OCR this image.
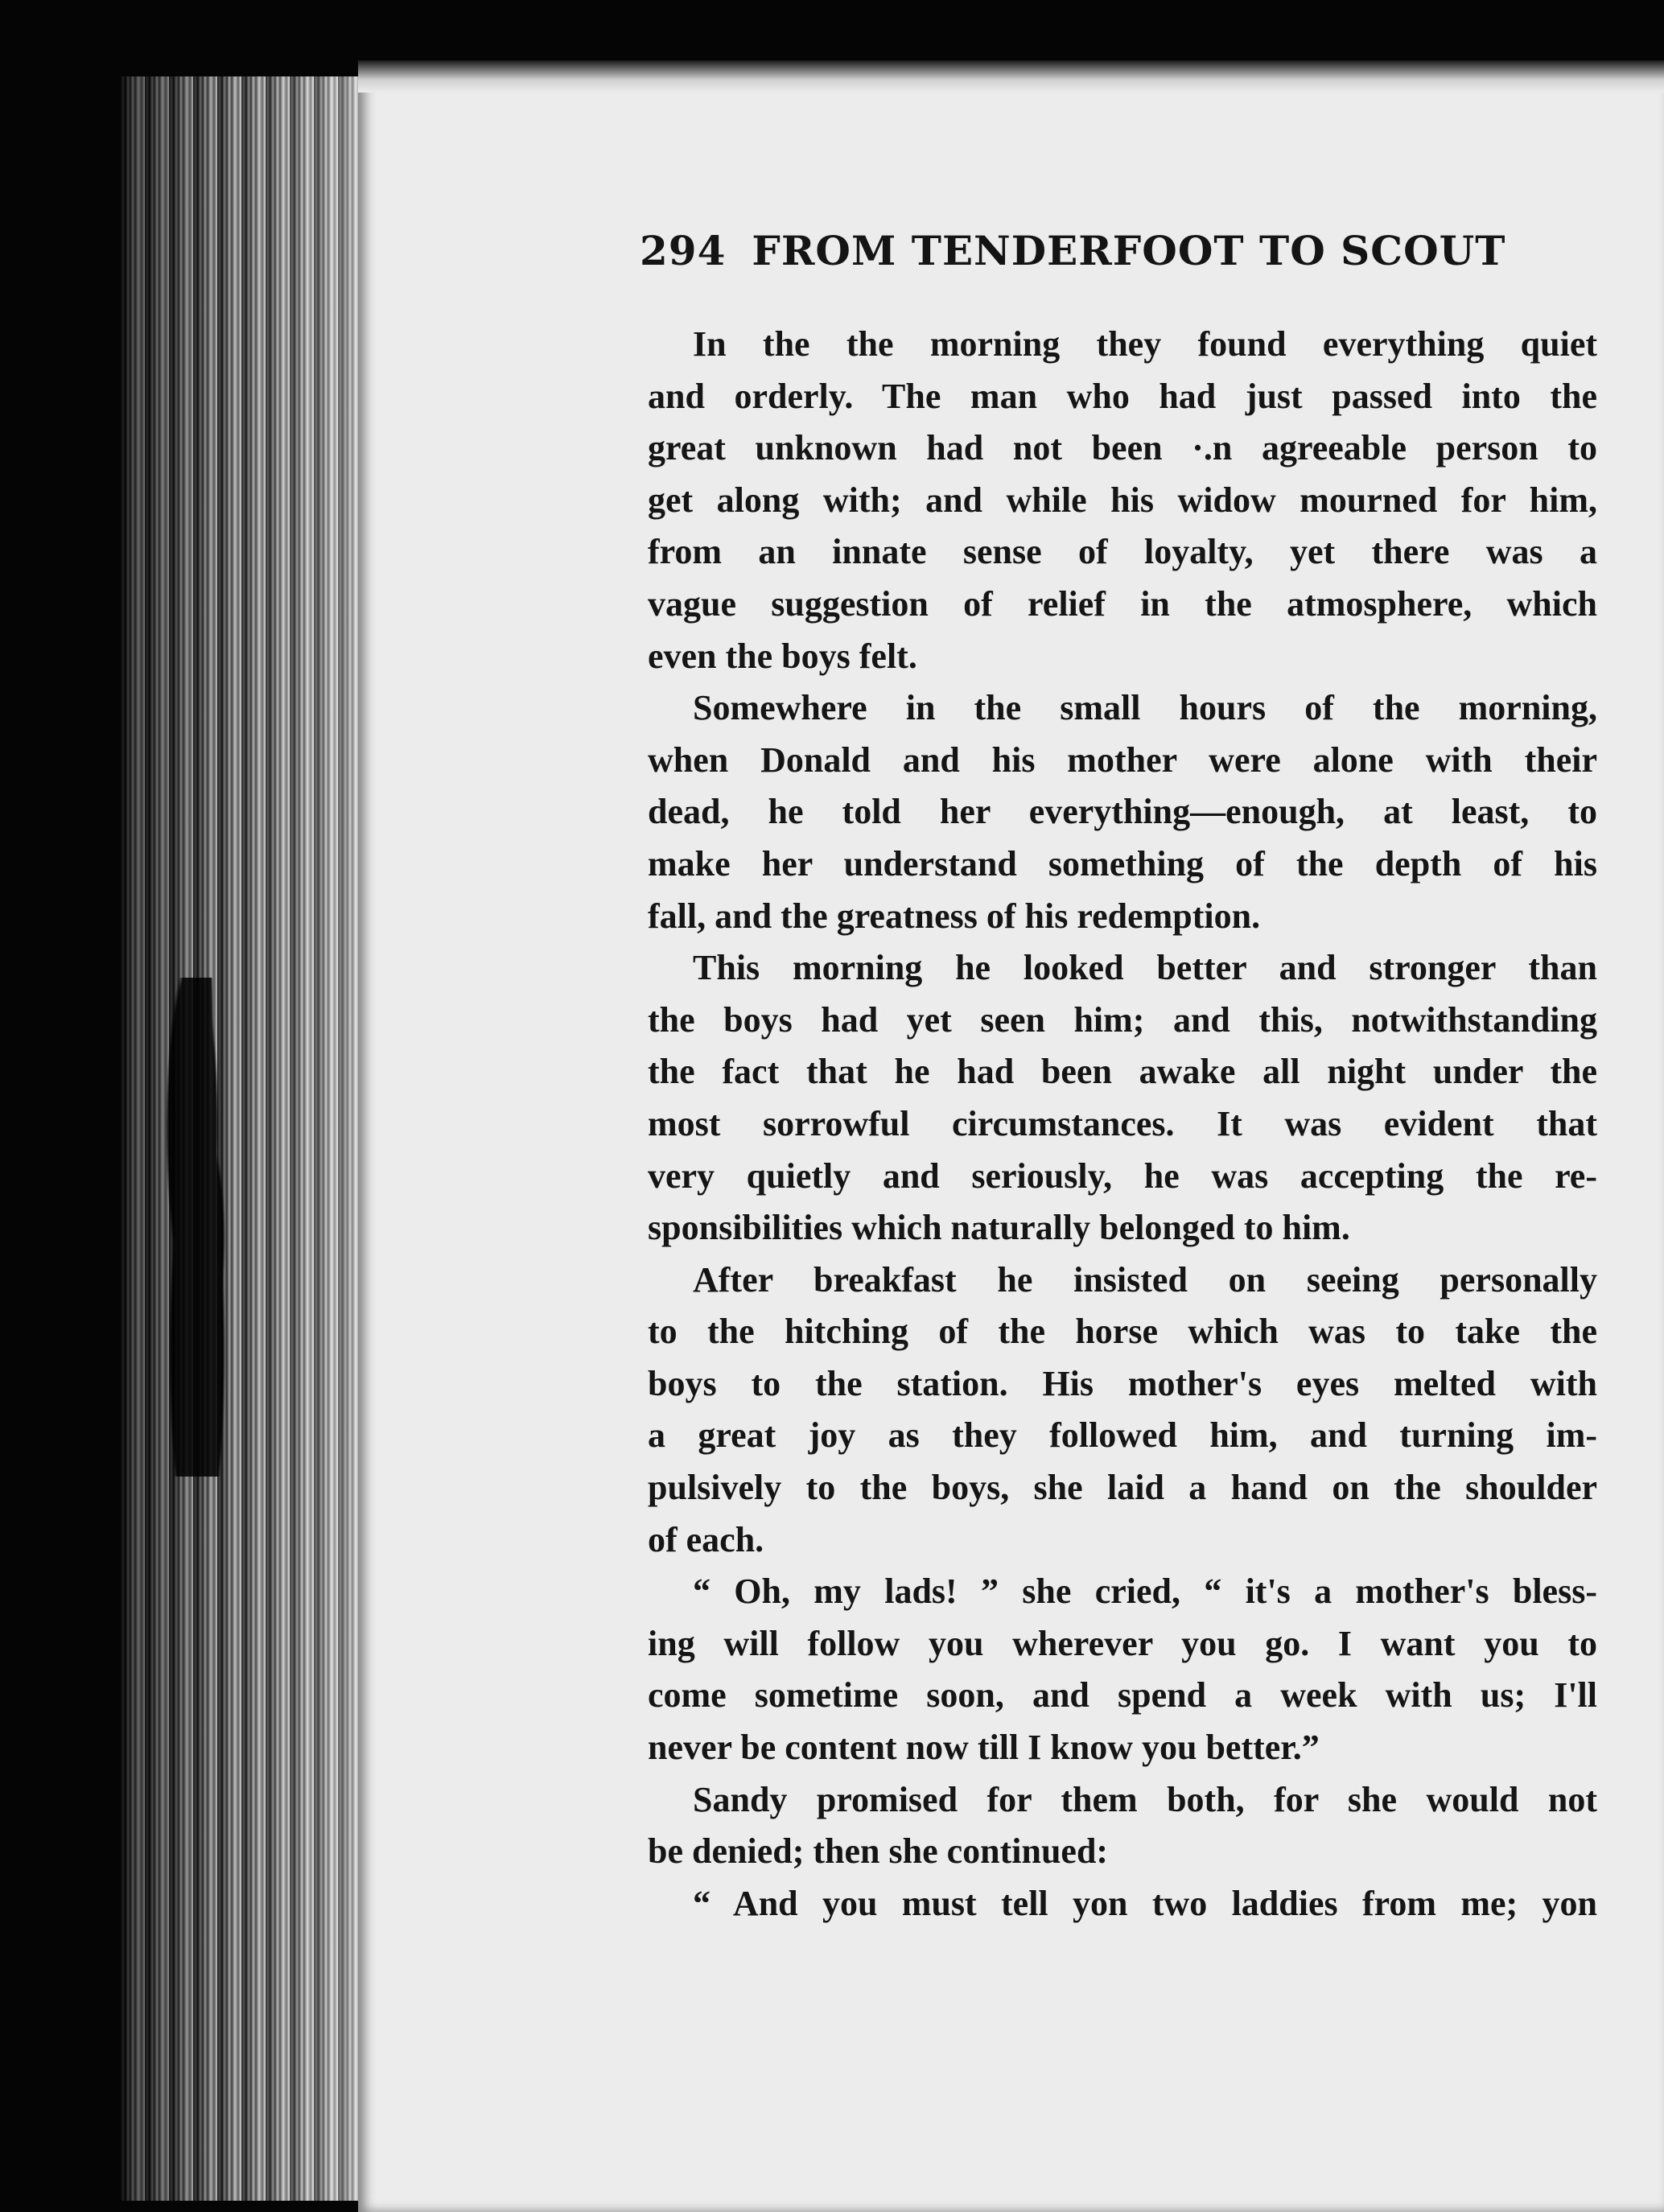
294 FROM TENDERFOOT TO SCOUT
In the the morning they found everything quiet
and orderly. The man who had just passed into the
great unknown had not been ·.n agreeable person to
get along with; and while his widow mourned for him,
from an innate sense of loyalty, yet there was a
vague suggestion of relief in the atmosphere, which
even the boys felt.
Somewhere in the small hours of the morning,
when Donald and his mother were alone with their
dead, he told her everything—enough, at least, to
make her understand something of the depth of his
fall, and the greatness of his redemption.
This morning he looked better and stronger than
the boys had yet seen him; and this, notwithstanding
the fact that he had been awake all night under the
most sorrowful circumstances. It was evident that
very quietly and seriously, he was accepting the re-
sponsibilities which naturally belonged to him.
After breakfast he insisted on seeing personally
to the hitching of the horse which was to take the
boys to the station. His mother's eyes melted with
a great joy as they followed him, and turning im-
pulsively to the boys, she laid a hand on the shoulder
of each.
“ Oh, my lads! ” she cried, “ it's a mother's bless-
ing will follow you wherever you go. I want you to
come sometime soon, and spend a week with us; I'll
never be content now till I know you better.”
Sandy promised for them both, for she would not
be denied; then she continued:
“ And you must tell yon two laddies from me; yon
